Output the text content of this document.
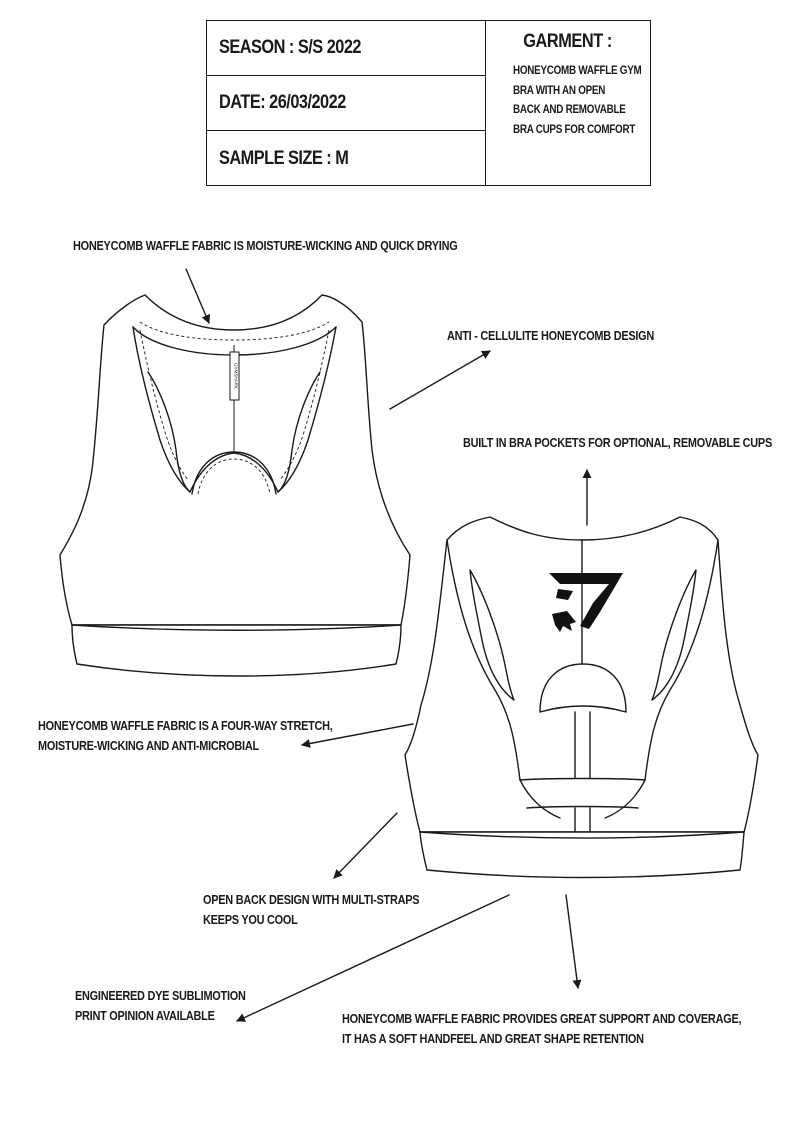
SEASON : S/S 2022
DATE: 26/03/2022
SAMPLE SIZE : M
GARMENT :
HONEYCOMB WAFFLE GYM
BRA WITH AN OPEN
BACK AND REMOVABLE
BRA CUPS FOR COMFORT
GYMSHARK
HONEYCOMB WAFFLE FABRIC IS MOISTURE-WICKING AND QUICK DRYING
ANTI - CELLULITE HONEYCOMB DESIGN
BUILT IN BRA POCKETS FOR OPTIONAL, REMOVABLE CUPS
HONEYCOMB WAFFLE FABRIC IS A FOUR-WAY STRETCH,
MOISTURE-WICKING AND ANTI-MICROBIAL
OPEN BACK DESIGN WITH MULTI-STRAPS
KEEPS YOU COOL
ENGINEERED DYE SUBLIMOTION
PRINT OPINION AVAILABLE	HONEYCOMB WAFFLE FABRIC PROVIDES GREAT SUPPORT AND COVERAGE,
IT HAS A SOFT HANDFEEL AND GREAT SHAPE RETENTION
